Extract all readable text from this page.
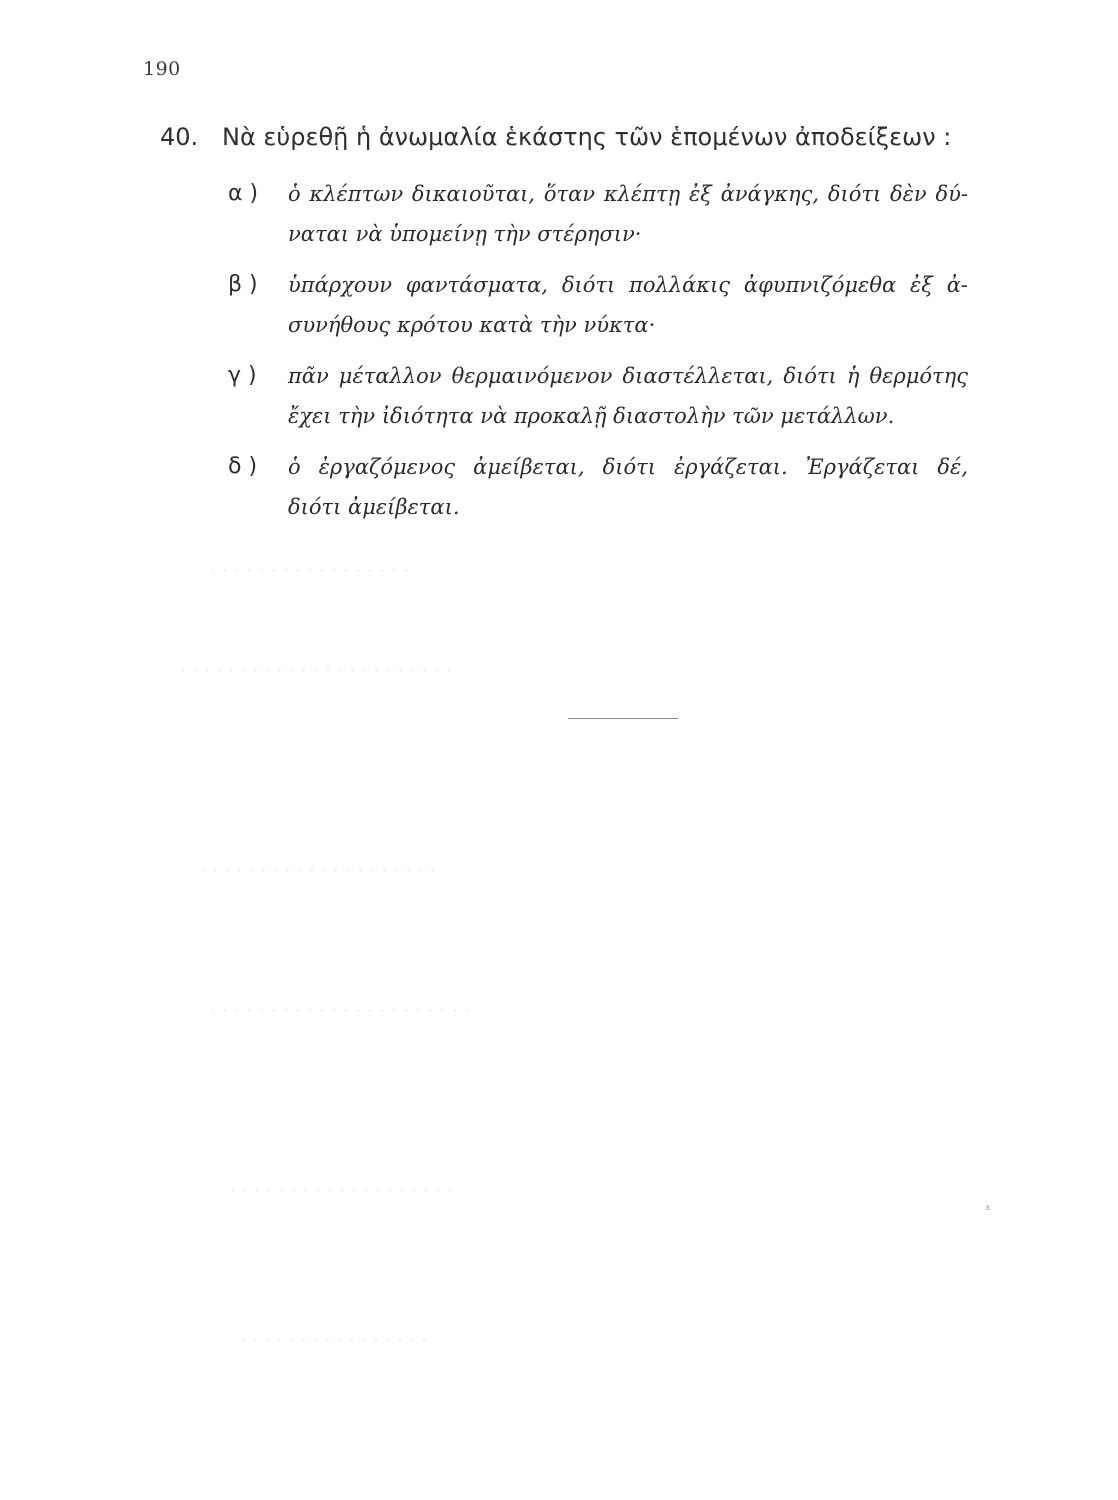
· · · · · · · · · · · · · · · · ·
· · · · · · · · · · · · · · · · · · · · · · ·
· · · · · · · · · · · · · · · · · · · ·
· · · · · · · · · · · · · · · · · · · · · ·
· · · · · · · · · · · · · · · · · · ·
· · · · · · · · · · · · · · · ·
190
40. Νὰ εὑρεθῇ ἡ ἀνωμαλία ἑκάστης τῶν ἑπομένων ἀποδείξεων :
α )	ὁ κλέπτων δικαιοῦται, ὅταν κλέπτῃ ἐξ ἀνάγκης, διότι δὲν δύ-
ναται νὰ ὑπομείνῃ τὴν στέρησιν·
β )	ὑπάρχουν φαντάσματα, διότι πολλάκις ἀφυπνιζόμεθα ἐξ ἀ-
συνήθους κρότου κατὰ τὴν νύκτα·
γ )	πᾶν μέταλλον θερμαινόμενον διαστέλλεται, διότι ἡ θερμότης
ἔχει τὴν ἰδιότητα νὰ προκαλῇ διαστολὴν τῶν μετάλλων.
δ )	ὁ ἐργαζόμενος ἀμείβεται, διότι ἐργάζεται. Ἐργάζεται δέ,
διότι ἀμείβεται.
³
